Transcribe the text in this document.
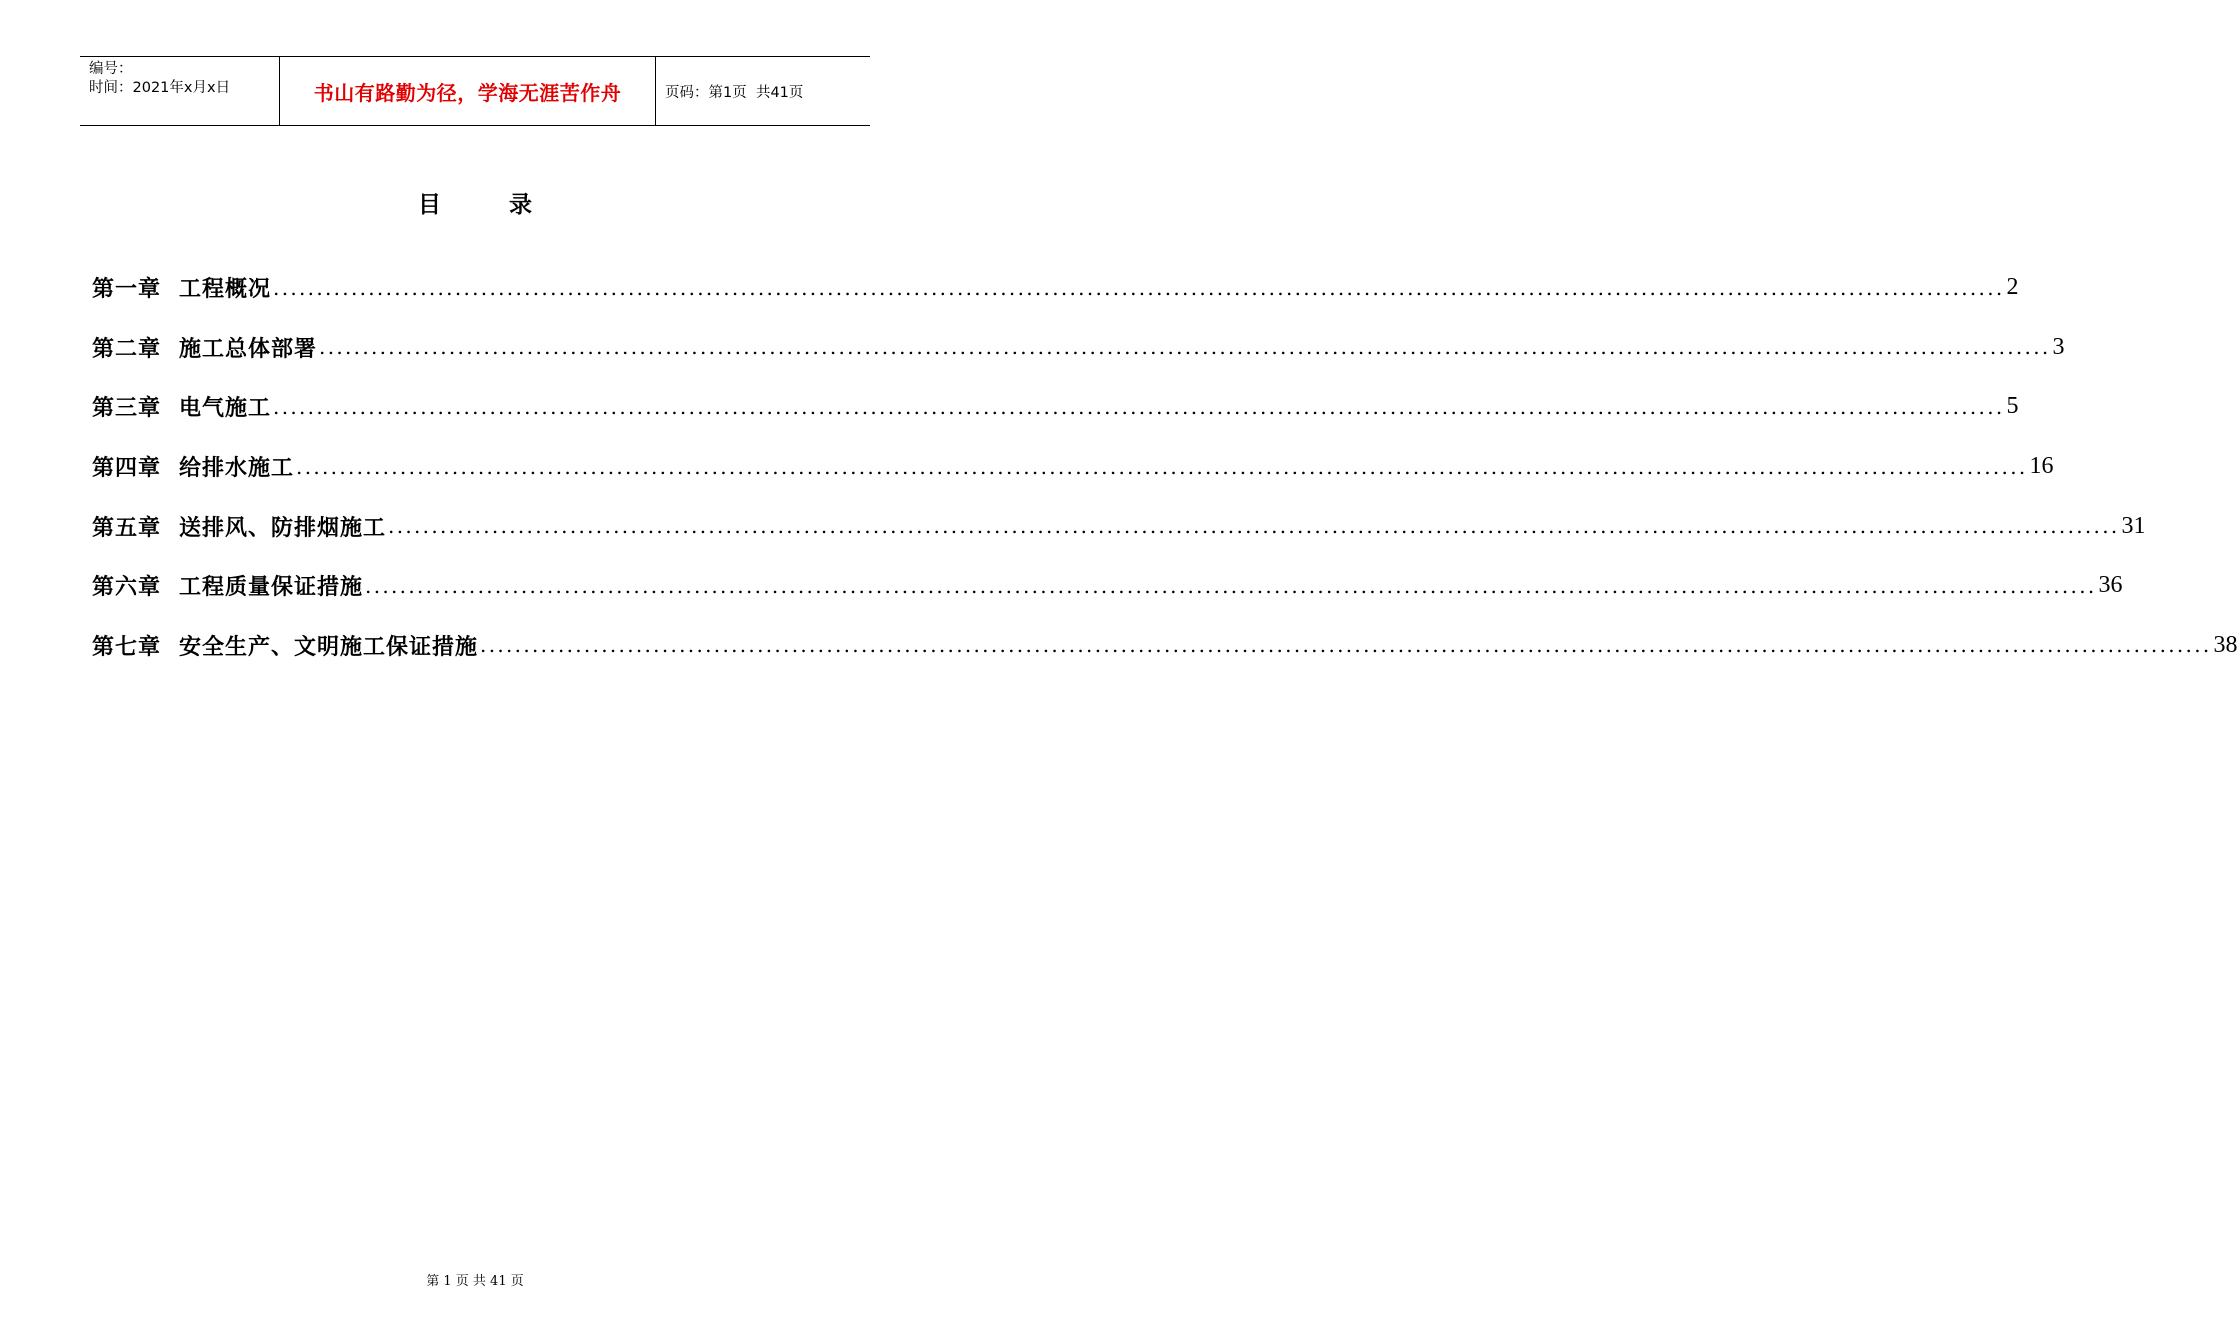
编号：
时间：2021年x月x日	书山有路勤为径，学海无涯苦作舟	页码：第1页  共41页
目 录
第一章 工程概况 ........................................................................................................................................................................................................ 2
第二章 施工总体部署 ........................................................................................................................................................................................................ 3
第三章 电气施工 ........................................................................................................................................................................................................ 5
第四章 给排水施工 ........................................................................................................................................................................................................ 16
第五章 送排风、防排烟施工 ........................................................................................................................................................................................................ 31
第六章 工程质量保证措施 ........................................................................................................................................................................................................ 36
第七章 安全生产、文明施工保证措施 ........................................................................................................................................................................................................ 38
第 1 页 共 41 页
